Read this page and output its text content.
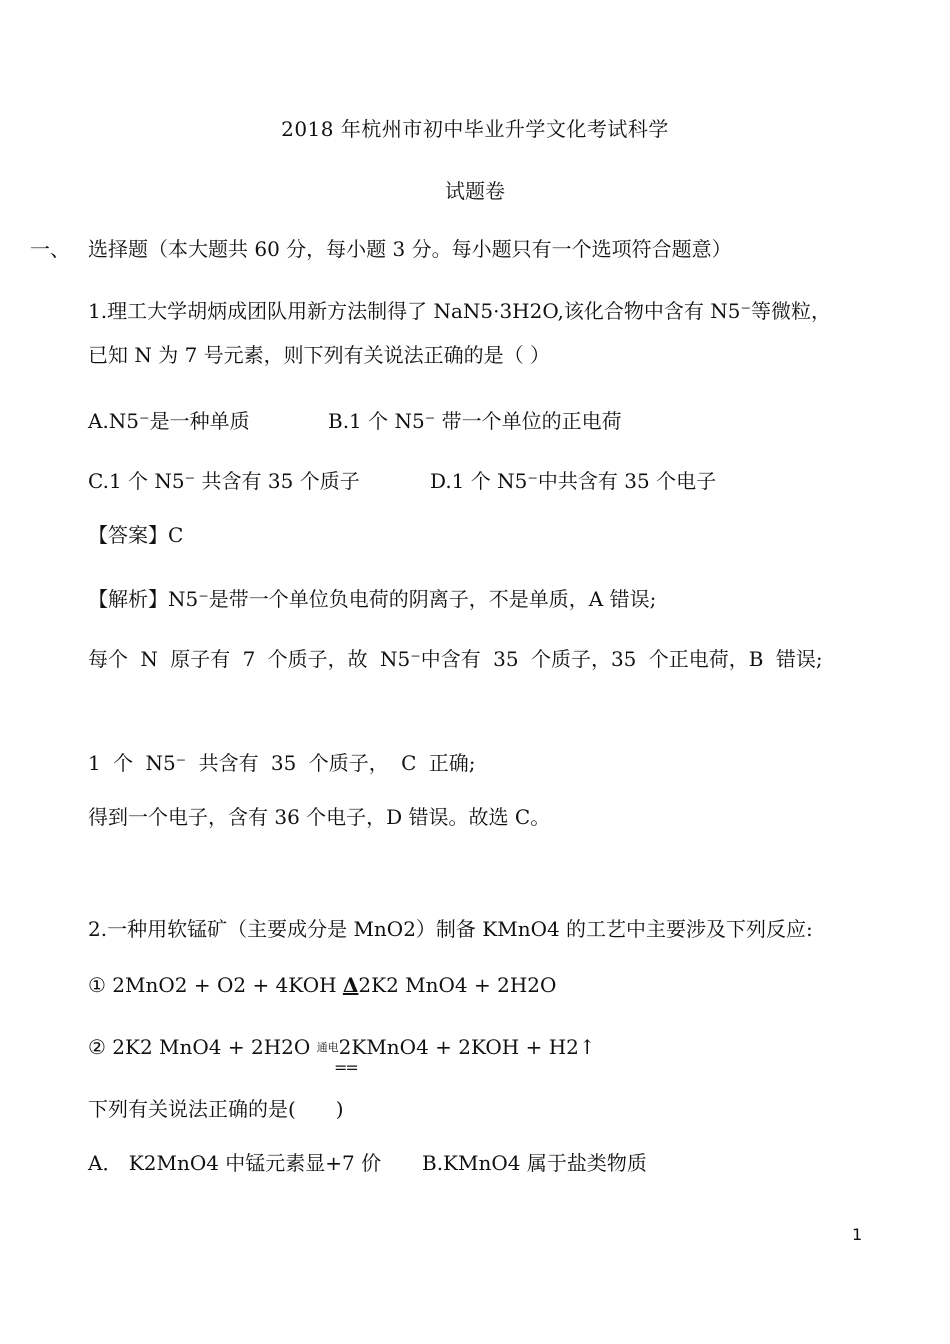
2018 年杭州市初中毕业升学文化考试科学
试题卷
一、 选择题（本大题共 60 分，每小题 3 分。每小题只有一个选项符合题意）
1.理工大学胡炳成团队用新方法制得了 NaN5·3H2O,该化合物中含有 N5⁻等微粒，
已知 N 为 7 号元素，则下列有关说法正确的是（ ）
A.N5⁻是一种单质	B.1 个 N5⁻ 带一个单位的正电荷
C.1 个 N5⁻ 共含有 35 个质子	D.1 个 N5⁻中共含有 35 个电子
【答案】C
【解析】N5⁻是带一个单位负电荷的阴离子，不是单质，A 错误;
每个 N 原子有 7 个质子，故 N5⁻中含有 35 个质子，35 个正电荷，B 错误;
1 个 N5⁻ 共含有 35 个质子， C 正确;
得到一个电子，含有 36 个电子，D 错误。故选 C。
2.一种用软锰矿（主要成分是 MnO2）制备 KMnO4 的工艺中主要涉及下列反应:
① 2MnO2 + O2 + 4KOH Δ2K2 MnO4 + 2H2O
② 2K2 MnO4 + 2H2O 通电2KMnO4 + 2KOH + H2↑
==
下列有关说法正确的是(　　)
A． K2MnO4 中锰元素显+7 价 B.KMnO4 属于盐类物质
1
